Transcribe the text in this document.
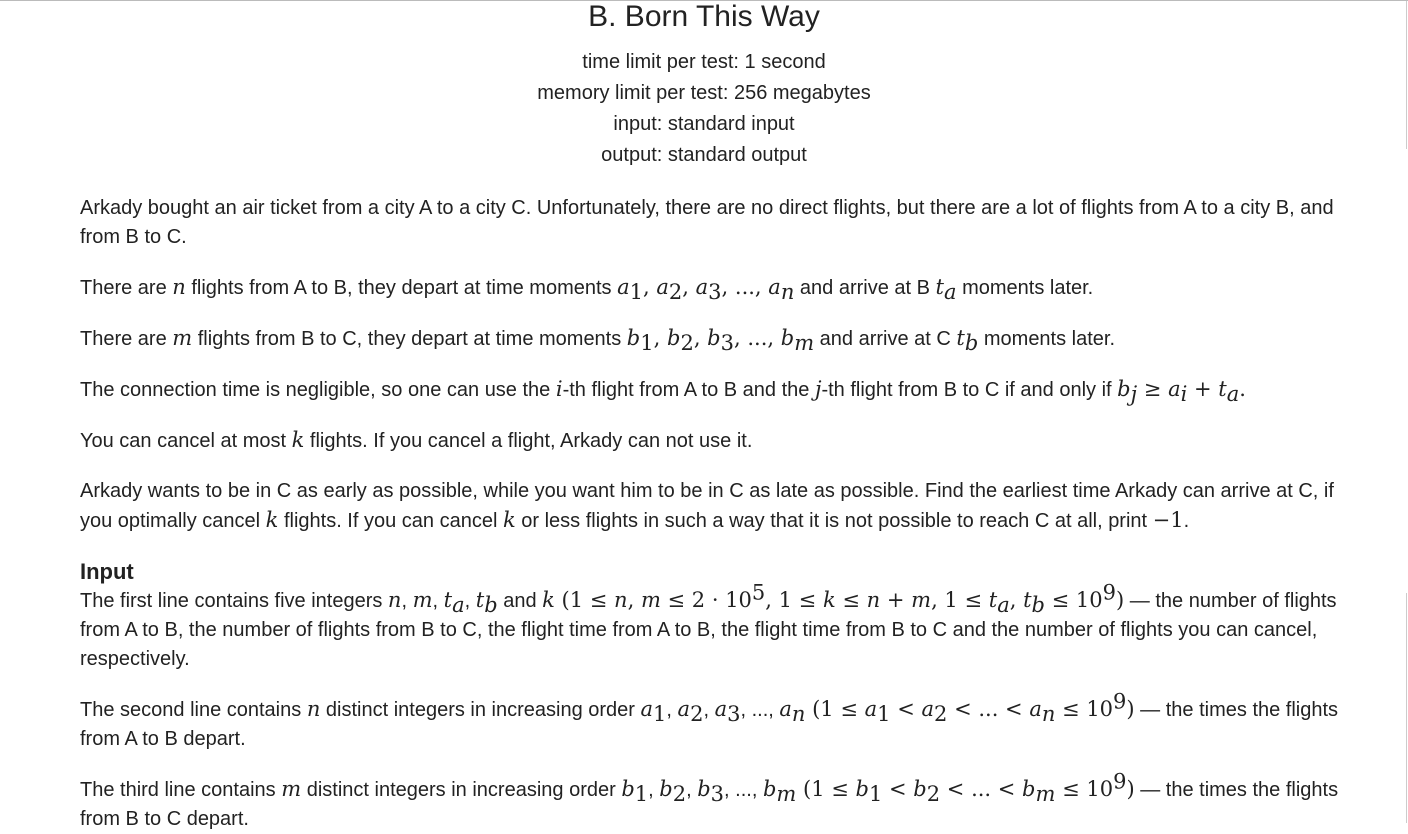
B. Born This Way
time limit per test: 1 second
memory limit per test: 256 megabytes
input: standard input
output: standard output

Arkady bought an air ticket from a city A to a city C. Unfortunately, there are no direct flights, but there are a lot of flights from A to a city B, and from B to C.

There are n flights from A to B, they depart at time moments $a_1$, $a_2$, $a_3$, ..., $a_n$ and arrive at B $t_a$ moments later.

There are m flights from B to C, they depart at time moments $b_1$, $b_2$, $b_3$, ..., $b_m$ and arrive at C $t_b$ moments later.

The connection time is negligible, so one can use the i-th flight from A to B and the j-th flight from B to C if and only if $b_j \ge a_i + t_a$.

You can cancel at most k flights. If you cancel a flight, Arkady can not use it.

Arkady wants to be in C as early as possible, while you want him to be in C as late as possible. Find the earliest time Arkady can arrive at C, if you optimally cancel k flights. If you can cancel k or less flights in such a way that it is not possible to reach C at all, print −1.

Input

The first line contains five integers n, m, $t_a$, $t_b$ and k (1 ≤ n, $m \le 2 \cdot 10^5$, 1 ≤ k ≤ n + m, $1 \le t_a$, $t_b \le 10^9$) — the number of flights from A to B, the number of flights from B to C, the flight time from A to B, the flight time from B to C and the number of flights you can cancel, respectively.

The second line contains n distinct integers in increasing order $a_1$, $a_2$, $a_3$, ..., $a_n$ ($1 \le a_1 < a_2$ < ... < $a_n \le 10^9$) — the times the flights from A to B depart.

The third line contains m distinct integers in increasing order $b_1$, $b_2$, $b_3$, ..., $b_m$ ($1 \le b_1 < b_2$ < ... < $b_m \le 10^9$) — the times the flights from B to C depart.
